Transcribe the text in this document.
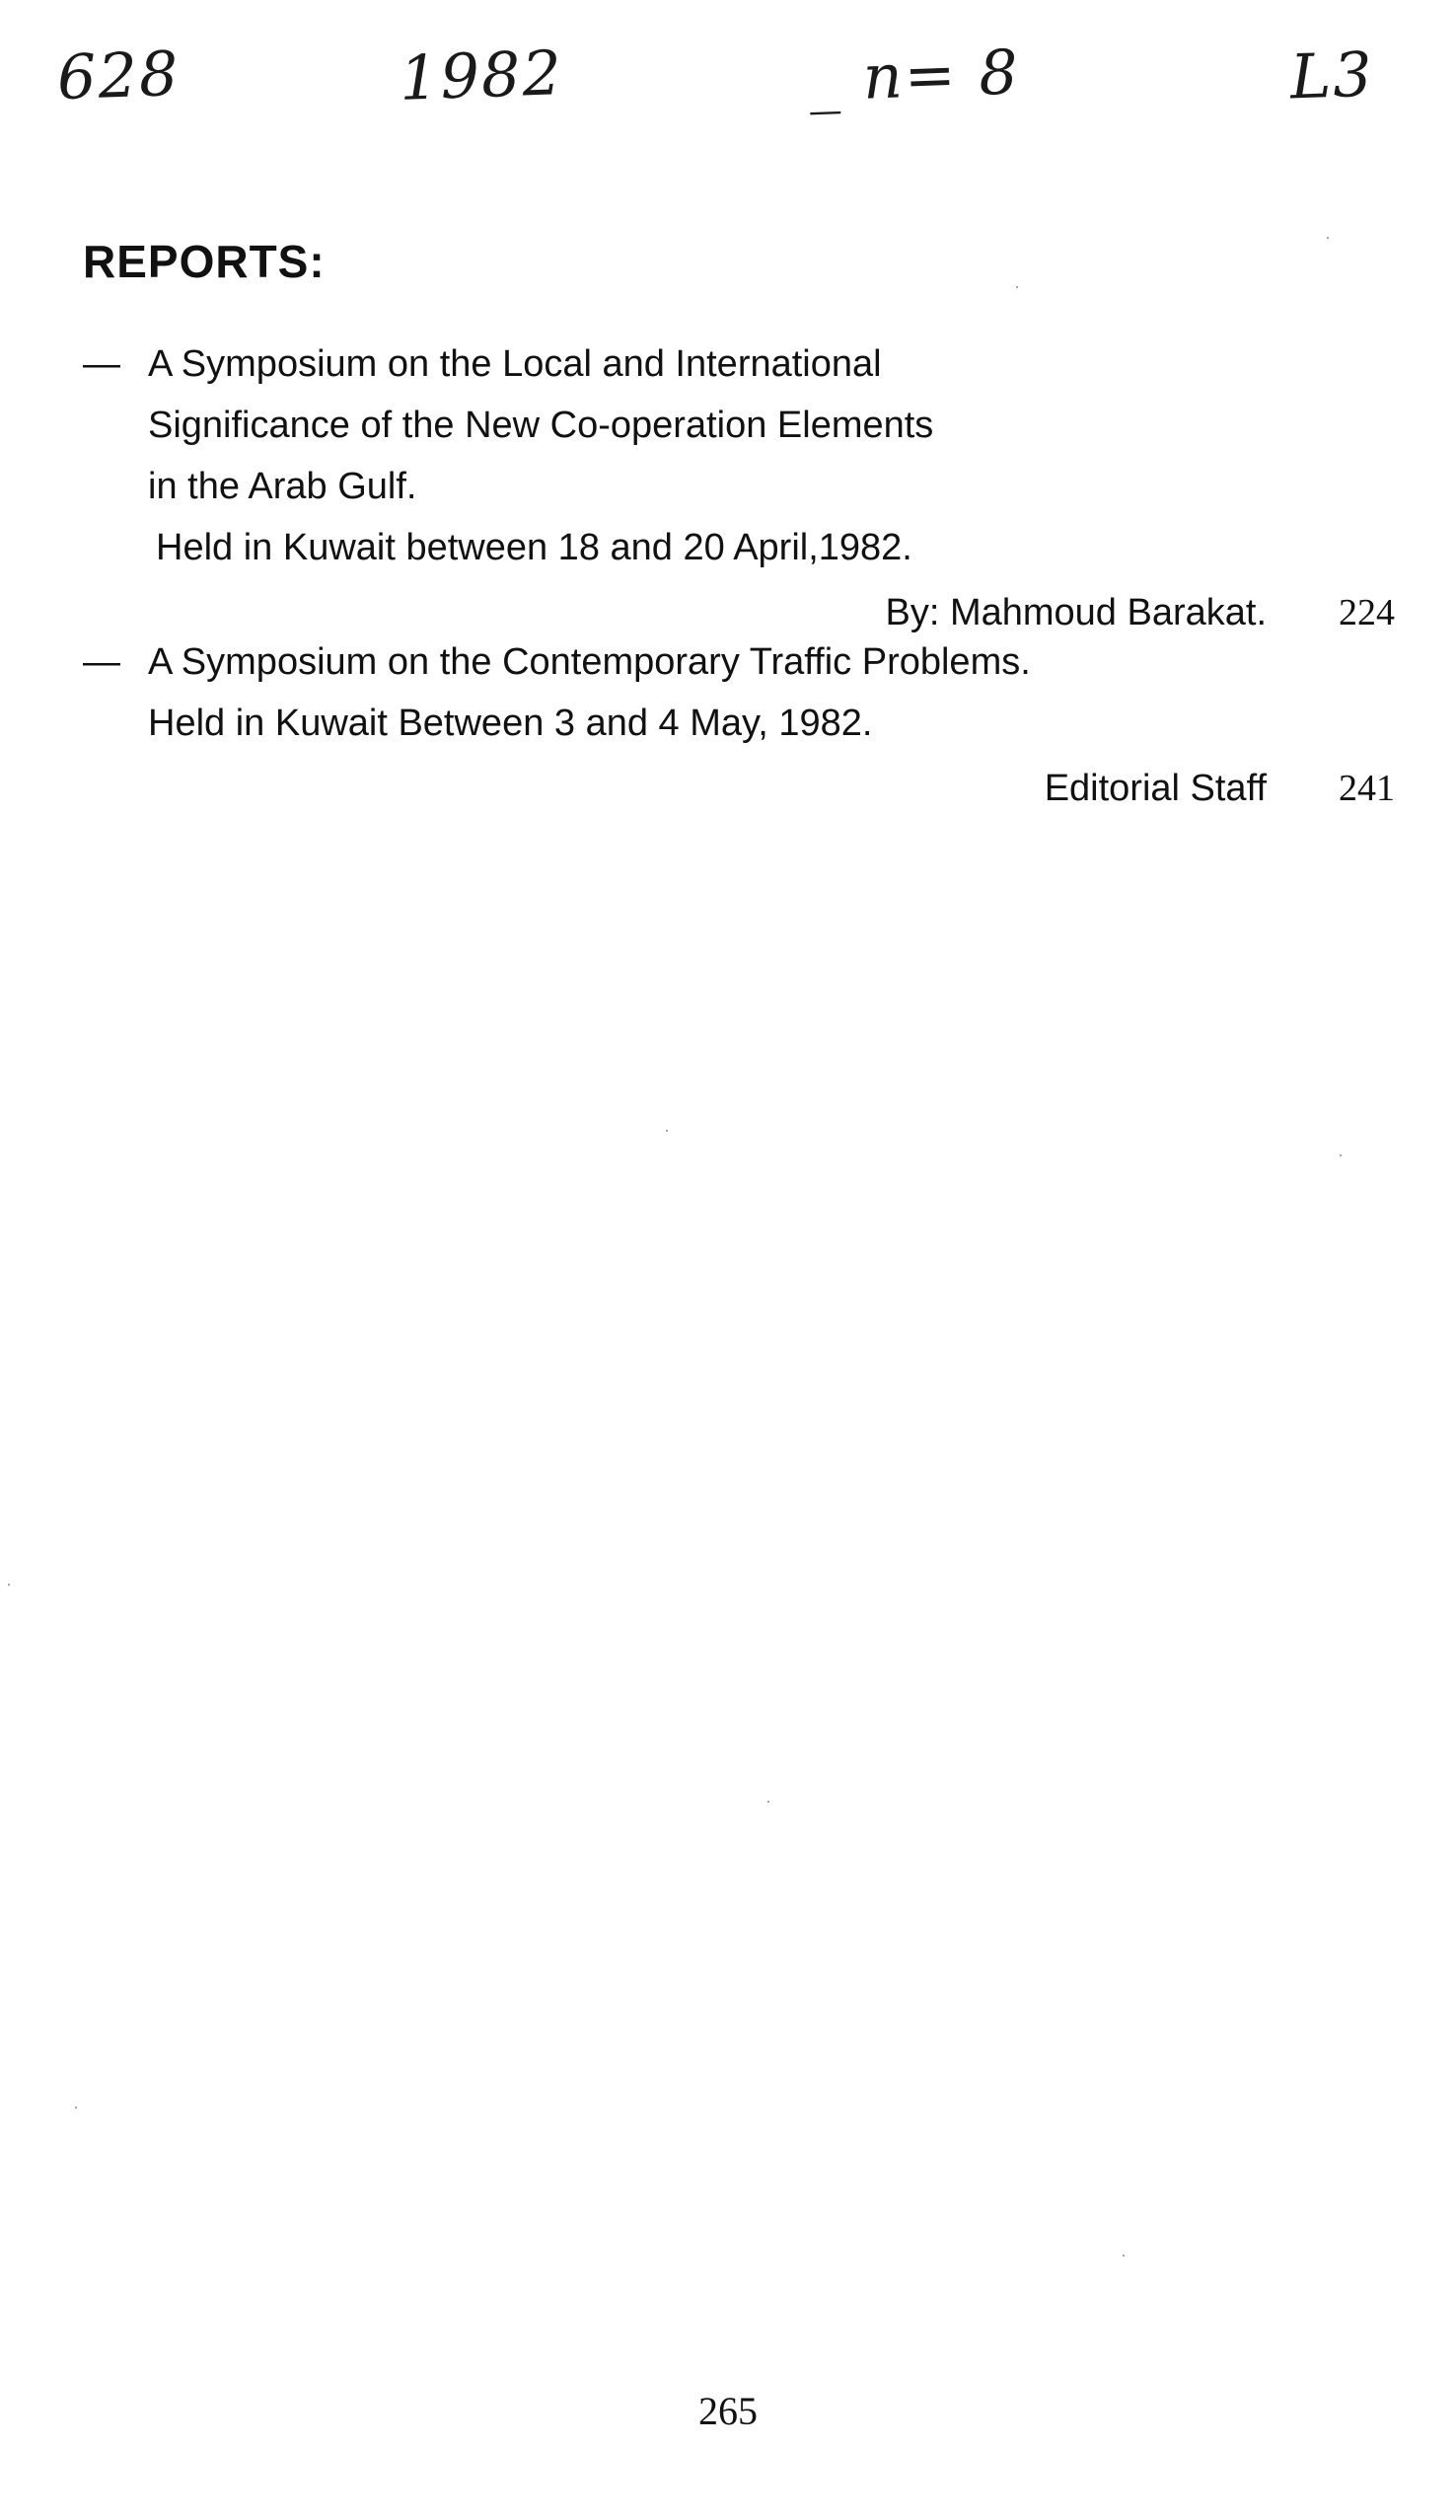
628	1982	_ n= 8	L3
REPORTS:
— A Symposium on the Local and International
Significance of the New Co-operation Elements
in the Arab Gulf.
Held in Kuwait between 18 and 20 April,1982.
By: Mahmoud Barakat.	224
— A Symposium on the Contemporary Traffic Problems.
Held in Kuwait Between 3 and 4 May, 1982.
Editorial Staff	241
265
